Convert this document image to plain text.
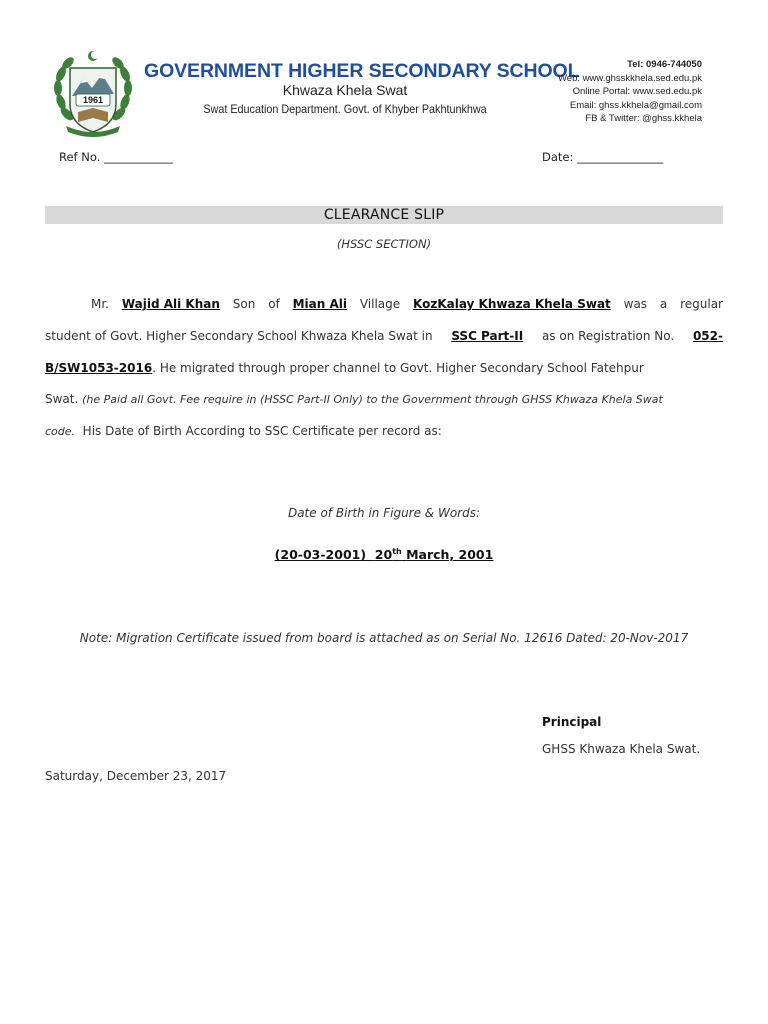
1961
GOVERNMENT HIGHER SECONDARY SCHOOL
Khwaza Khela Swat
Swat Education Department. Govt. of Khyber Pakhtunkhwa
Tel: 0946-744050
Web: www.ghsskkhela.sed.edu.pk
Online Portal: www.sed.edu.pk
Email: ghss.kkhela@gmail.com
FB & Twitter: @ghss.kkhela
Ref No. ____________	Date: _______________
CLEARANCE SLIP
(HSSC SECTION)
Mr. Wajid Ali Khan Son of Mian Ali Village KozKalay Khwaza Khela Swat was a regular
student of Govt. Higher Secondary School Khwaza Khela Swat in SSC Part-II as on Registration No. 052-
B/SW1053-2016. He migrated through proper channel to Govt. Higher Secondary School Fatehpur
Swat. (he Paid all Govt. Fee require in (HSSC Part-II Only) to the Government through GHSS Khwaza Khela Swat
code. His Date of Birth According to SSC Certificate per record as:
Date of Birth in Figure & Words:
(20-03-2001) 20th March, 2001
Note: Migration Certificate issued from board is attached as on Serial No. 12616 Dated: 20-Nov-2017
Principal
GHSS Khwaza Khela Swat.
Saturday, December 23, 2017
